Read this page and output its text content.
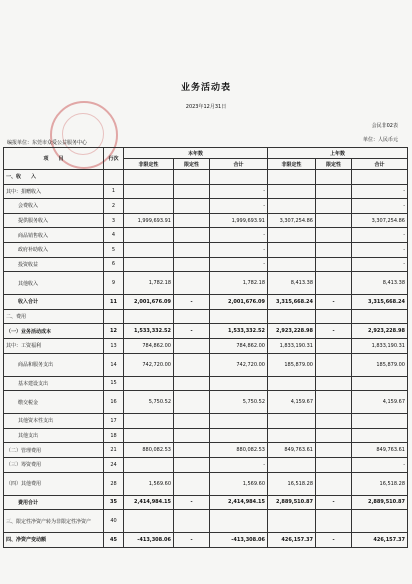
业务活动表
2023年12月31日
会民非02表
编报单位：东莞市众爱公益服务中心	单位：人民币元
项　　目	行次	本年数			上年数		
		非限定性	限定性	合计	非限定性	限定性	合计
一、收　　入							
其中：捐赠收入	1			-			-
会费收入	2			-			-
提供服务收入	3	1,999,693.91		1,999,693.91	3,307,254.86		3,307,254.86
商品销售收入	4			-			-
政府补助收入	5			-			-
投资收益	6			-			-
其他收入	9	1,782.18		1,782.18	8,413.38		8,413.38
收入合计	11	2,001,676.09	-	2,001,676.09	3,315,668.24	-	3,315,668.24
二、费用							
（一）业务活动成本	12	1,533,332.52	-	1,533,332.52	2,923,228.98	-	2,923,228.98
其中：工资福利	13	784,862.00		784,862.00	1,833,190.31		1,833,190.31
商品和服务支出	14	742,720.00		742,720.00	185,879.00		185,879.00
基本建设支出	15						
缴交税金	16	5,750.52		5,750.52	4,159.67		4,159.67
其他资本性支出	17						
其他支出	18						
（二）管理费用	21	880,082.53		880,082.53	849,763.61		849,763.61
（三）筹资费用	24			-			-
（四）其他费用	28	1,569.60		1,569.60	16,518.28		16,518.28
费用合计	35	2,414,984.15	-	2,414,984.15	2,889,510.87	-	2,889,510.87
三、限定性净资产转为非限定性净资产	40						
四、净资产变动额	45	-413,308.06	-	-413,308.06	426,157.37	-	426,157.37
